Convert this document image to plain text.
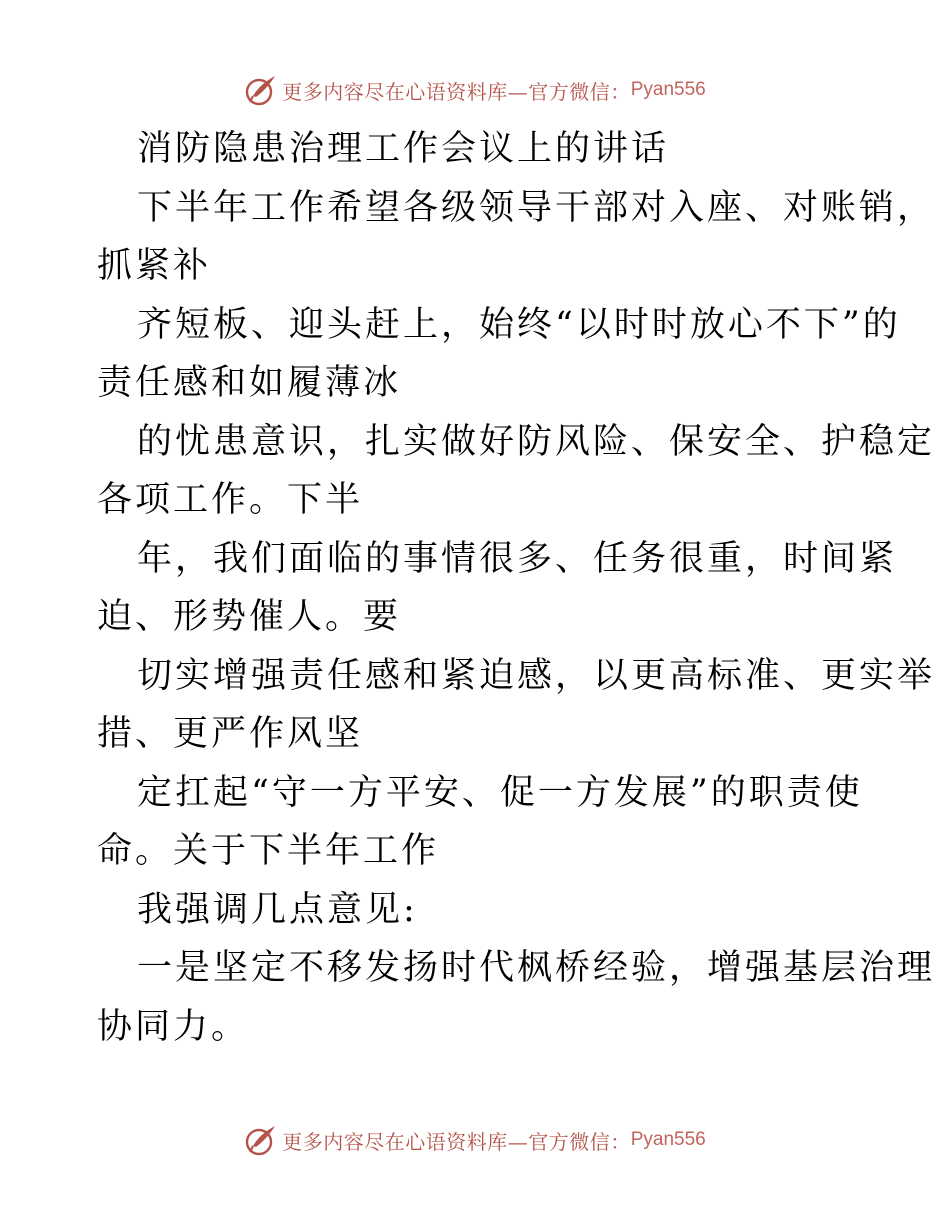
更多内容尽在心语资料库—官方微信： Pyan556
消防隐患治理工作会议上的讲话
下半年工作希望各级领导干部对入座、对账销，
抓紧补
齐短板、迎头赶上，始终“以时时放心不下”的
责任感和如履薄冰
的忧患意识，扎实做好防风险、保安全、护稳定
各项工作。下半
年，我们面临的事情很多、任务很重，时间紧
迫、形势催人。要
切实增强责任感和紧迫感，以更高标准、更实举
措、更严作风坚
定扛起“守一方平安、促一方发展”的职责使
命。关于下半年工作
我强调几点意见:
一是坚定不移发扬时代枫桥经验，增强基层治理
协同力。
更多内容尽在心语资料库—官方微信： Pyan556
